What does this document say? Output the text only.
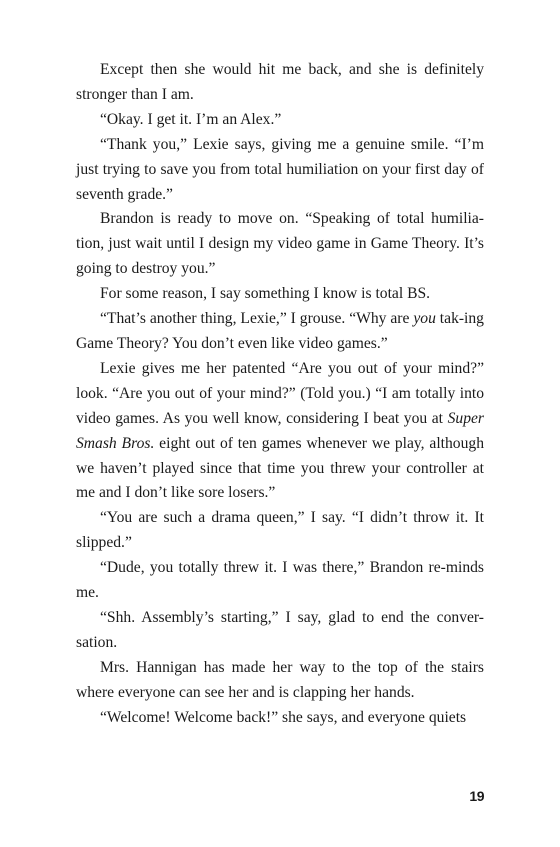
Except then she would hit me back, and she is definitely stronger than I am.

“Okay. I get it. I’m an Alex.”

“Thank you,” Lexie says, giving me a genuine smile. “I’m just trying to save you from total humiliation on your first day of seventh grade.”

Brandon is ready to move on. “Speaking of total humilia-tion, just wait until I design my video game in Game Theory. It’s going to destroy you.”

For some reason, I say something I know is total BS.

“That’s another thing, Lexie,” I grouse. “Why are you tak-ing Game Theory? You don’t even like video games.”

Lexie gives me her patented “Are you out of your mind?” look. “Are you out of your mind?” (Told you.) “I am totally into video games. As you well know, considering I beat you at Super Smash Bros. eight out of ten games whenever we play, although we haven’t played since that time you threw your controller at me and I don’t like sore losers.”

“You are such a drama queen,” I say. “I didn’t throw it. It slipped.”

“Dude, you totally threw it. I was there,” Brandon re-minds me.

“Shh. Assembly’s starting,” I say, glad to end the conver-sation.

Mrs. Hannigan has made her way to the top of the stairs where everyone can see her and is clapping her hands.

“Welcome! Welcome back!” she says, and everyone quiets

19
